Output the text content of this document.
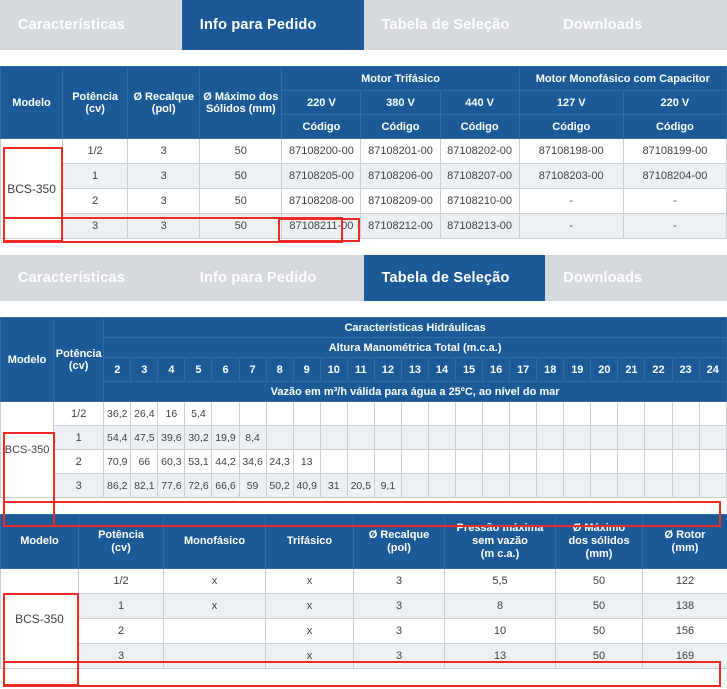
Características	Info para Pedido	Tabela de Seleção	Downloads
Modelo	Potência
(cv)

Ø Recalque
(pol)

Ø Máximo dos
Sólidos (mm)
	Motor Trifásico	Motor Monofásico com Capacitor
				220 V	380 V	440 V	127 V	220 V
				Código	Código	Código	Código	Código
BCS-350	1/2	3	50	87108200-00	87108201-00	87108202-00	87108198-00	87108199-00
	1	3	50	87108205-00	87108206-00	87108207-00	87108203-00	87108204-00
	2	3	50	87108208-00	87108209-00	87108210-00	-	-
	3	3	50	87108211-00	87108212-00	87108213-00	-	-
Características	Info para Pedido	Tabela de Seleção	Downloads
Modelo	Potência
(cv)	Características Hidráulicas																						
		Altura Manométrica Total (m.c.a.)																						
		2	3	4	5	6	7	8	9	10	11	12	13	14	15	16	17	18	19	20	21	22	23	24
		Vazão em m³/h válida para água a 25ºC, ao nível do mar																						
BCS-350	1/2	36,2	26,4	16	5,4																			
	1	54,4	47,5	39,6	30,2	19,9	8,4																	
	2	70,9	66	60,3	53,1	44,2	34,6	24,3	13															
	3	86,2	82,1	77,6	72,6	66,6	59	50,2	40,9	31	20,5	9,1												
Modelo	
Potência
(cv)
	Monofásico	Trifásico	
Ø Recalque
(pol)

Pressão máxima
sem vazão
(m c.a.)

Ø Máximo
dos sólidos
(mm)

Ø Rotor
(mm)

BCS-350	1/2	x	x	3	5,5	50	122
	1	x	x	3	8	50	138
	2		x	3	10	50	156
	3		x	3	13	50	169
